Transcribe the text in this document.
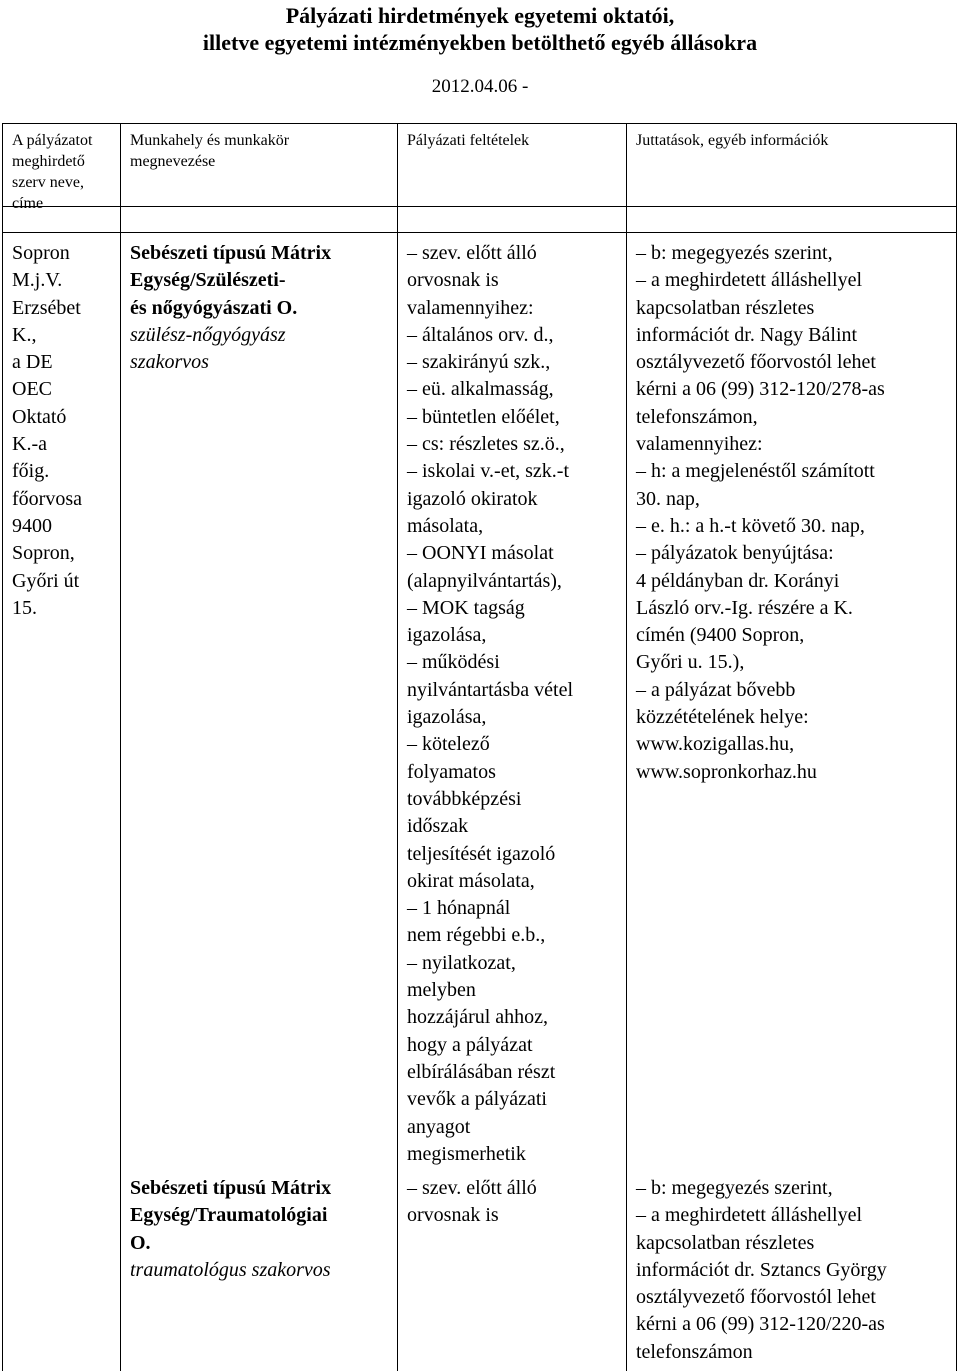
Pályázati hirdetmények egyetemi oktatói,
illetve egyetemi intézményekben betölthető egyéb állásokra
2012.04.06 -
A pályázatot
meghirdető
szerv neve,
címe
Munkahely és munkakör
megnevezése
Pályázati feltételek	Juttatások, egyéb információk
Sopron
M.j.V.
Erzsébet
K.,
a DE
OEC
Oktató
K.-a
főig.
főorvosa
9400
Sopron,
Győri út
15.
Sebészeti típusú Mátrix
Egység/Szülészeti-
és nőgyógyászati O.
szülész-nőgyógyász
szakorvos
Sebészeti típusú Mátrix
Egység/Traumatológiai
O.
traumatológus szakorvos
– szev. előtt álló
orvosnak is
valamennyihez:
– általános orv. d.,
– szakirányú szk.,
– eü. alkalmasság,
– büntetlen előélet,
– cs: részletes sz.ö.,
– iskolai v.-et, szk.-t
igazoló okiratok
másolata,
– OONYI másolat
(alapnyilvántartás),
– MOK tagság
igazolása,
– működési
nyilvántartásba vétel
igazolása,
– kötelező
folyamatos
továbbképzési
időszak
teljesítését igazoló
okirat másolata,
– 1 hónapnál
nem régebbi e.b.,
– nyilatkozat,
melyben
hozzájárul ahhoz,
hogy a pályázat
elbírálásában részt
vevők a pályázati
anyagot
megismerhetik
– szev. előtt álló
orvosnak is
– b: megegyezés szerint,
– a meghirdetett álláshellyel
kapcsolatban részletes
információt dr. Nagy Bálint
osztályvezető főorvostól lehet
kérni a 06 (99) 312-120/278-as
telefonszámon,
valamennyihez:
– h: a megjelenéstől számított
30. nap,
– e. h.: a h.-t követő 30. nap,
– pályázatok benyújtása:
4 példányban dr. Korányi
László orv.-Ig. részére a K.
címén (9400 Sopron,
Győri u. 15.),
– a pályázat bővebb
közzétételének helye:
www.kozigallas.hu,
www.sopronkorhaz.hu
– b: megegyezés szerint,
– a meghirdetett álláshellyel
kapcsolatban részletes
információt dr. Sztancs György
osztályvezető főorvostól lehet
kérni a 06 (99) 312-120/220-as
telefonszámon
